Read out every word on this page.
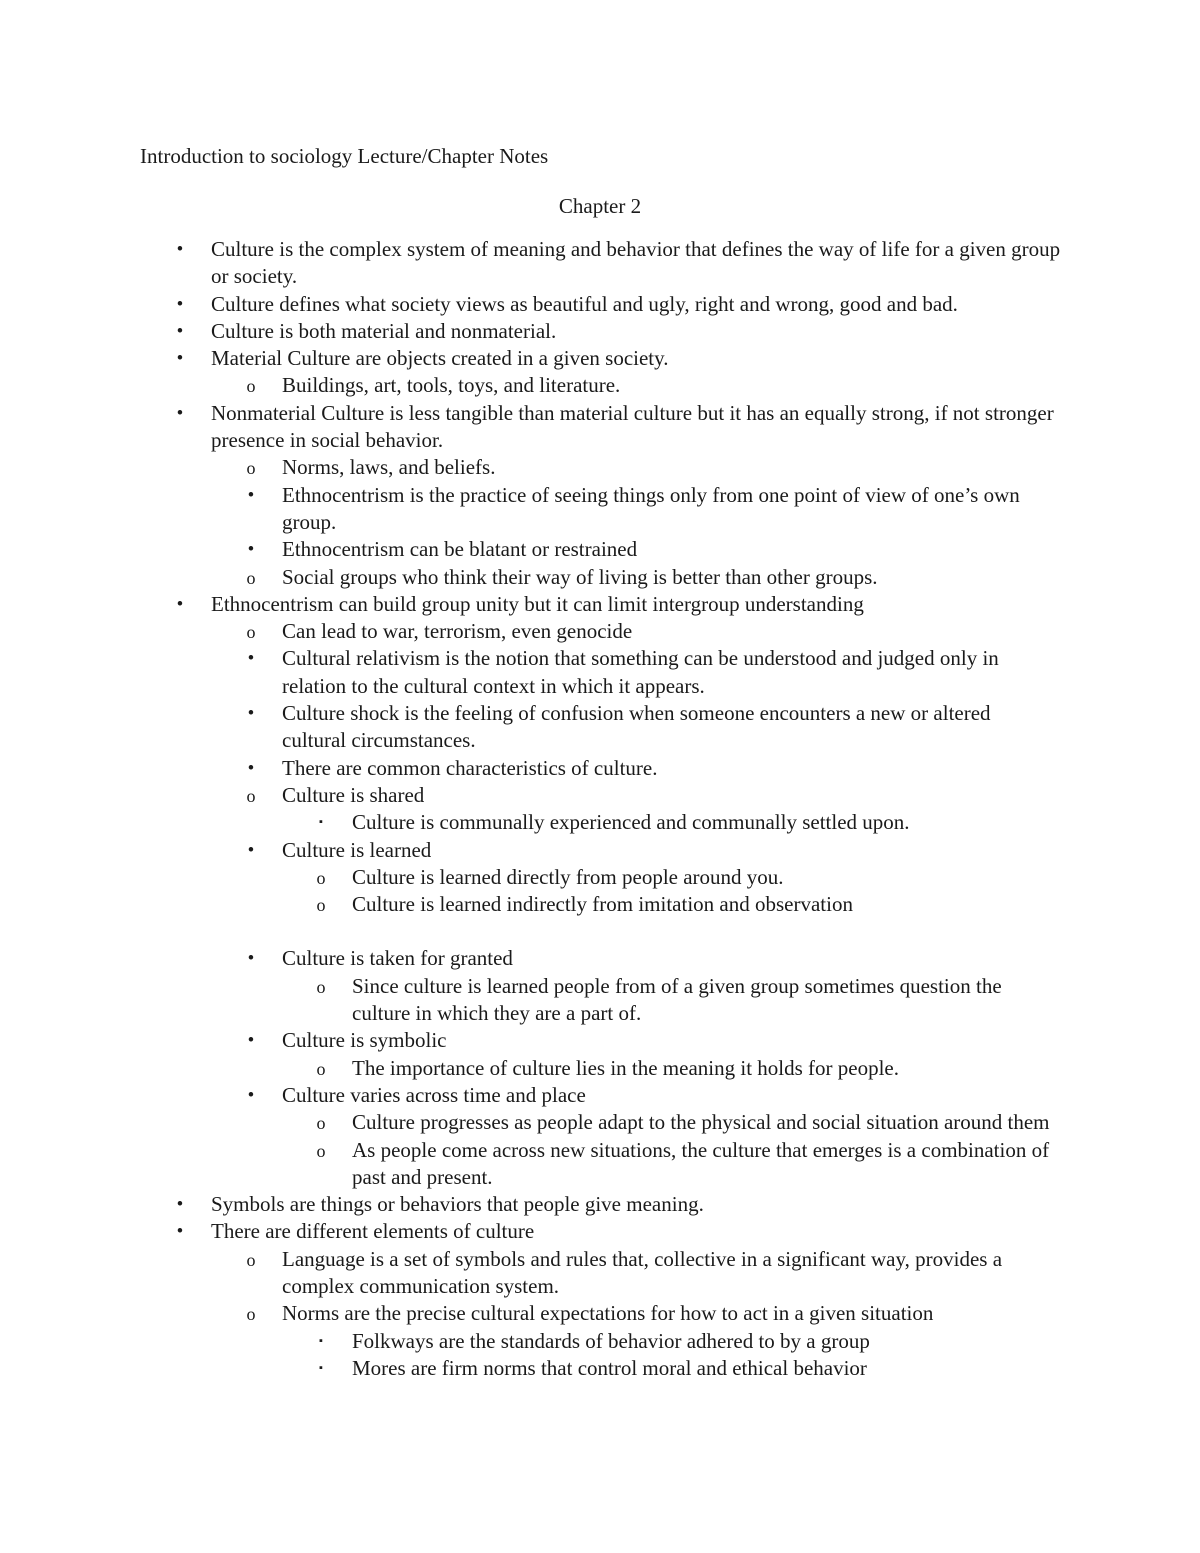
Introduction to sociology Lecture/Chapter Notes
Chapter 2
•	Culture is the complex system of meaning and behavior that defines the way of life for a given group or society.
•	Culture defines what society views as beautiful and ugly, right and wrong, good and bad.
•	Culture is both material and nonmaterial.
•	Material Culture are objects created in a given society.
o Buildings, art, tools, toys, and literature.
•	Nonmaterial Culture is less tangible than material culture but it has an equally strong, if not stronger presence in social behavior.
o Norms, laws, and beliefs.
•	Ethnocentrism is the practice of seeing things only from one point of view of one’s own group.
•	Ethnocentrism can be blatant or restrained
o Social groups who think their way of living is better than other groups.
•	Ethnocentrism can build group unity but it can limit intergroup understanding
o Can lead to war, terrorism, even genocide
•	Cultural relativism is the notion that something can be understood and judged only in relation to the cultural context in which it appears.
•	Culture shock is the feeling of confusion when someone encounters a new or altered cultural circumstances.
•	There are common characteristics of culture.
o Culture is shared
▪	Culture is communally experienced and communally settled upon.
•	Culture is learned
o Culture is learned directly from people around you.
o Culture is learned indirectly from imitation and observation
•	Culture is taken for granted
o Since culture is learned people from of a given group sometimes question the culture in which they are a part of.
•	Culture is symbolic
o The importance of culture lies in the meaning it holds for people.
•	Culture varies across time and place
o Culture progresses as people adapt to the physical and social situation around them
o As people come across new situations, the culture that emerges is a combination of past and present.
•	Symbols are things or behaviors that people give meaning.
•	There are different elements of culture
o Language is a set of symbols and rules that, collective in a significant way, provides a complex communication system.
o Norms are the precise cultural expectations for how to act in a given situation
▪	Folkways are the standards of behavior adhered to by a group
▪	Mores are firm norms that control moral and ethical behavior
